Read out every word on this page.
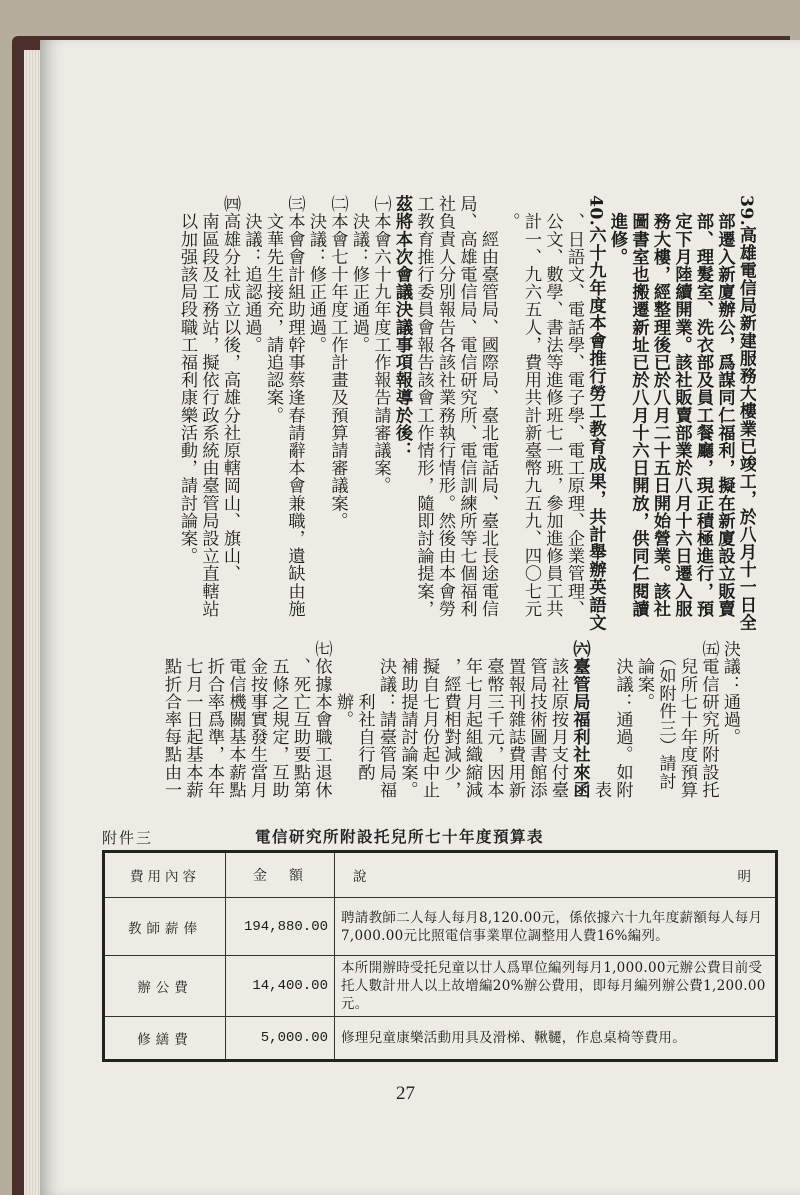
39.高雄電信局新建服務大樓業已竣工，於八月十一日全
　部遷入新廈辦公，爲謀同仁福利，擬在新廈設立販賣
　部、理髮室、洗衣部及員工餐廳，現正積極進行，預
　定下月陸續開業。該社販賣部業於八月十六日遷入服
　務大樓，經整理後已於八月二十五日開始營業。該社
　圖書室也搬遷新址已於八月十六日開放，供同仁閱讀
　進修。
40.六十九年度本會推行勞工教育成果，共計舉辦英語文
　、日語文、電話學、電子學、電工原理、企業管理、
　公文、數學、書法等進修班七一班，參加進修員工共
　計一、九六五人，費用共計新臺幣九五九、四〇七元
　。
　　經由臺管局、國際局、臺北電話局、臺北長途電信
局、高雄電信局、電信研究所、電信訓練所等七個福利
社負責人分別報告各該社業務執行情形。然後由本會勞
工教育推行委員會報告該會工作情形，隨即討論提案，
茲將本次會議決議事項報導於後：
㈠本會六十九年度工作報告請審議案。
　決議：修正通過。
㈡本會七十年度工作計畫及預算請審議案。
　決議：修正通過。
㈢本會會計組助理幹事蔡逢春請辭本會兼職，遺缺由施
　文華先生接充，請追認案。
　決議：追認通過。
㈣高雄分社成立以後，高雄分社原轄岡山、旗山、
　南區段及工務站，擬依行政系統由臺管局設立直轄站
　以加强該局段職工福利康樂活動，請討論案。
決議：通過。
㈤電信研究所附設托
　兒所七十年度預算
　（如附件三）請討
　論案。
　決議：通過。如附
　　　　　　　　表
㈥臺管局福利社來函
　該社原按月支付臺
　管局技術圖書館添
　置報刊雜誌費用新
　臺幣三千元，因本
　年七月起組織縮減
　，經費相對減少，
　擬自七月份起中止
　補助提請討論案。
　決議：請臺管局福
　　　利社自行酌
　　　辦。
㈦依據本會職工退休
　、死亡互助要點第
　五條之規定，互助
　金按事實發生當月
　電信機關基本薪點
　折合率爲準，本年
　七月一日起基本薪
　點折合率每點由一
附件三	電信研究所附設托兒所七十年度預算表
費用內容	金　額	說 明

教師薪俸	194,880.00	聘請教師二人每人每月8,120.00元，係依據六十九年度薪額每人每月7,000.00元比照電信事業單位調整用人費16%編列。
辦公費	14,400.00	本所開辦時受托兒童以廿人爲單位編列每月1,000.00元辦公費目前受托人數計卅人以上故增編20%辦公費用，即每月編列辦公費1,200.00元。
修繕費	5,000.00	修理兒童康樂活動用具及滑梯、鞦韆，作息桌椅等費用。
27
